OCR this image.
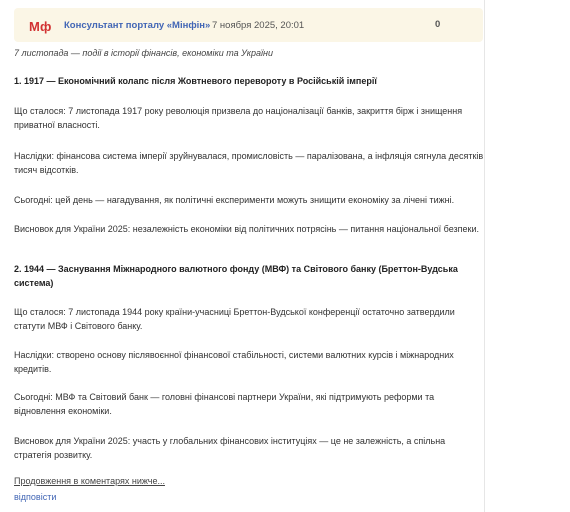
Мф Консультант порталу «Мінфін» 7 ноября 2025, 20:01	0
7 листопада — події в історії фінансів, економіки та України
1. 1917 — Економічний колапс після Жовтневого перевороту в Російській імперії
Що сталося: 7 листопада 1917 року революція призвела до націоналізації банків, закриття бірж і знищення приватної власності.
Наслідки: фінансова система імперії зруйнувалася, промисловість — паралізована, а інфляція сягнула десятків тисяч відсотків.
Сьогодні: цей день — нагадування, як політичні експерименти можуть знищити економіку за лічені тижні.
Висновок для України 2025: незалежність економіки від політичних потрясінь — питання національної безпеки.
2. 1944 — Заснування Міжнародного валютного фонду (МВФ) та Світового банку (Бреттон-Вудська система)
Що сталося: 7 листопада 1944 року країни-учасниці Бреттон-Вудської конференції остаточно затвердили статути МВФ і Світового банку.
Наслідки: створено основу післявоєнної фінансової стабільності, системи валютних курсів і міжнародних кредитів.
Сьогодні: МВФ та Світовий банк — головні фінансові партнери України, які підтримують реформи та відновлення економіки.
Висновок для України 2025: участь у глобальних фінансових інституціях — це не залежність, а спільна стратегія розвитку.
Продовження в коментарях нижче...
відповісти
